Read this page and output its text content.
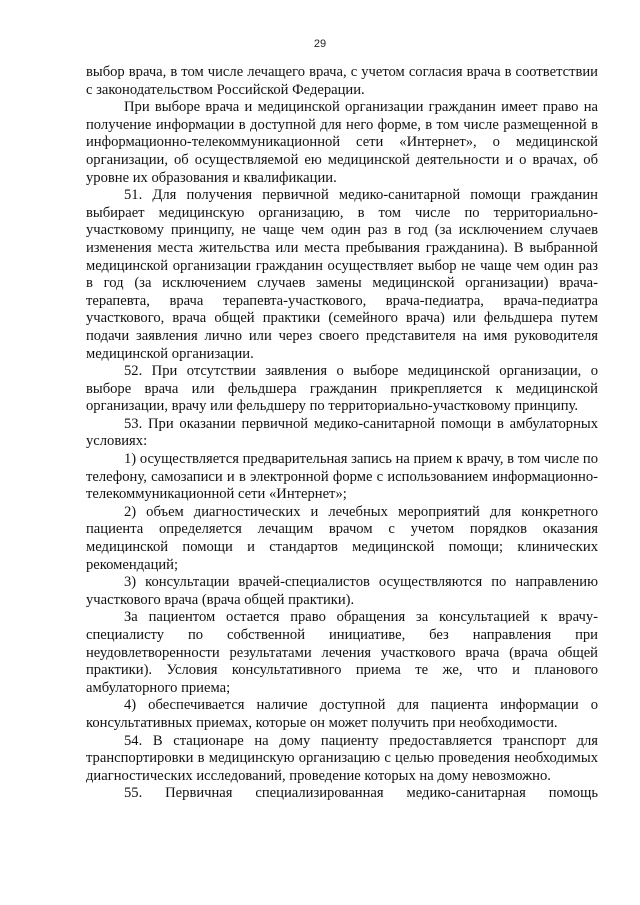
29

выбор врача, в том числе лечащего врача, с учетом согласия врача в соответствии с законодательством Российской Федерации.

При выборе врача и медицинской организации гражданин имеет право на получение информации в доступной для него форме, в том числе размещенной в информационно-телекоммуникационной сети «Интернет», о медицинской организации, об осуществляемой ею медицинской деятельности и о врачах, об уровне их образования и квалификации.

51. Для получения первичной медико-санитарной помощи гражданин выбирает медицинскую организацию, в том числе по территориально-участковому принципу, не чаще чем один раз в год (за исключением случаев изменения места жительства или места пребывания гражданина). В выбранной медицинской организации гражданин осуществляет выбор не чаще чем один раз в год (за исключением случаев замены медицинской организации) врача-терапевта, врача терапевта-участкового, врача-педиатра, врача-педиатра участкового, врача общей практики (семейного врача) или фельдшера путем подачи заявления лично или через своего представителя на имя руководителя медицинской организации.

52. При отсутствии заявления о выборе медицинской организации, о выборе врача или фельдшера гражданин прикрепляется к медицинской организации, врачу или фельдшеру по территориально-участковому принципу.

53. При оказании первичной медико-санитарной помощи в амбулаторных условиях:

1) осуществляется предварительная запись на прием к врачу, в том числе по телефону, самозаписи и в электронной форме с использованием информационно-телекоммуникационной сети «Интернет»;

2) объем диагностических и лечебных мероприятий для конкретного пациента определяется лечащим врачом с учетом порядков оказания медицинской помощи и стандартов медицинской помощи; клинических рекомендаций;

3) консультации врачей-специалистов осуществляются по направлению участкового врача (врача общей практики).

За пациентом остается право обращения за консультацией к врачу-специалисту по собственной инициативе, без направления при неудовлетворенности результатами лечения участкового врача (врача общей практики). Условия консультативного приема те же, что и планового амбулаторного приема;

4) обеспечивается наличие доступной для пациента информации о консультативных приемах, которые он может получить при необходимости.

54. В стационаре на дому пациенту предоставляется транспорт для транспортировки в медицинскую организацию с целью проведения необходимых диагностических исследований, проведение которых на дому невозможно.

55. Первичная специализированная медико-санитарная помощь
